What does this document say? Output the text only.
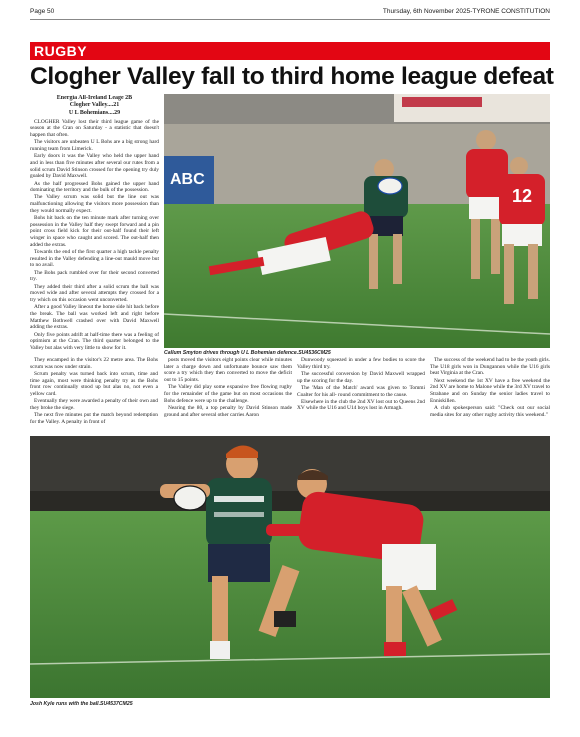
Page 50	Thursday, 6th November 2025-TYRONE CONSTITUTION
RUGBY
Clogher Valley fall to third home league defeat

Energia All-Ireland Leage 2B

Clogher Valley....21

U L Bohemians....29

CLOGHER Valley lost their third league game of the season at the Cran on Saturday - a statistic that doesn't happen that often.

The visitors are unbeaten U L Bohs are a big strong hard running team from Limerick.

Early doors it was the Valley who held the upper hand and in less than five minutes after several our rutes from a solid scrum David Stinson crossed for the opening try duly goaled by David Maxwell.

As the half progressed Bohs gained the upper hand dominating the territory and the bulk of the possession.

The Valley scrum was solid but the line out was malfunctioning allowing the visitors more possession than they would normally expect.

Bohs hit back on the ten minute mark after turning over possession in the Valley half they swept forward and a pin point cross field kick for their out-half found their left winger in space who caught and scored. The out-half then added the extras.

Towards the end of the first quarter a high tackle penalty resulted in the Valley defending a line-out mauld move but to no avail.

The Bohs pack rumbled over for their second converted try.

They added their third after a solid scrum the ball was moved wide and after several attempts they crossed for a try which on this occasion went unconverted.

After a good Valley lineout the home side hit back before the break. The ball was worked left and right before Matthew Bothwell crashed over with David Maxwell adding the extras.

Only five points adrift at half-time there was a feeling of optimism at the Cran. The third quarter belonged to the Valley but alas with very little to show for it.

ABC
12
Callum Smyton drives through U L Bohemian defence.SU4536CM25

They encamped in the visitor's 22 metre area. The Bohs scrum was now under strain.

Scrum penalty was turned back into scrum, time and time again, most were thinking penalty try as the Bohs front row continually stood up but alas no, not even a yellow card.

Eventually they were awarded a penalty of their own and they broke the siege.

The next five minutes put the match beyond redemption for the Valley. A penalty in front of

posts moved the visitors eight points clear while minutes later a charge down and unfortunate bounce saw them score a try which they then converted to move the deficit out to 15 points.

The Valley did play some expansive free flowing rugby for the remainder of the game but on most occasions the Bohs defence were up to the challenge.

Nearing the 80, a top penalty by David Stinson made ground and after several other carries Aaron

Dunwoody squeezed in under a few bodies to score the Valley third try.

The successful conversion by David Maxwell wrapped up the scoring for the day.

The 'Man of the Match' award was given to Tommi Coalter for his all- round commitment to the cause.

Elsewhere in the club the 2nd XV lost out to Queens 2nd XV while the U16 and U14 boys lost in Armagh.

The success of the weekend had to be the youth girls. The U18 girls won in Dungannon while the U16 girls beat Virginia at the Cran.

Next weekend the 1st XV have a free weekend the 2nd XV are home to Malone while the 3rd XV travel to Strabane and on Sunday the senior ladies travel to Enniskillen.

A club spokesperson said: "Check out our social media sites for any other rugby activity this weekend."

Josh Kyle runs with the ball.SU4537CM25
